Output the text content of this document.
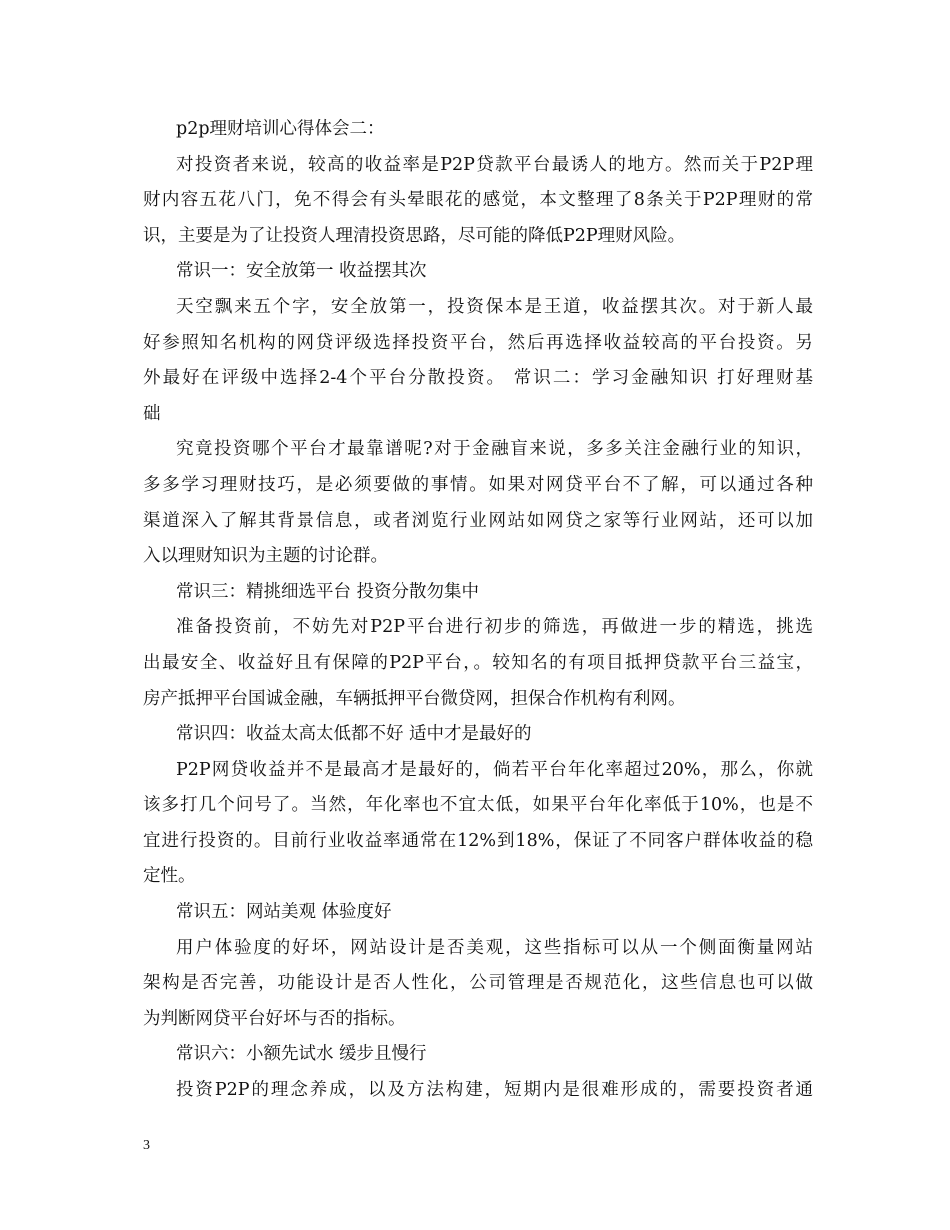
p2p理财培训心得体会二：
对投资者来说，较高的收益率是P2P贷款平台最诱人的地方。然而关于P2P理
财内容五花八门，免不得会有头晕眼花的感觉，本文整理了8条关于P2P理财的常
识，主要是为了让投资人理清投资思路，尽可能的降低P2P理财风险。
常识一：安全放第一 收益摆其次
天空飘来五个字，安全放第一，投资保本是王道，收益摆其次。对于新人最
好参照知名机构的网贷评级选择投资平台，然后再选择收益较高的平台投资。另
外最好在评级中选择2-4个平台分散投资。 常识二：学习金融知识 打好理财基
础
究竟投资哪个平台才最靠谱呢?对于金融盲来说，多多关注金融行业的知识，
多多学习理财技巧，是必须要做的事情。如果对网贷平台不了解，可以通过各种
渠道深入了解其背景信息，或者浏览行业网站如网贷之家等行业网站，还可以加
入以理财知识为主题的讨论群。
常识三：精挑细选平台 投资分散勿集中
准备投资前，不妨先对P2P平台进行初步的筛选，再做进一步的精选，挑选
出最安全、收益好且有保障的P2P平台，。较知名的有项目抵押贷款平台三益宝，
房产抵押平台国诚金融，车辆抵押平台微贷网，担保合作机构有利网。
常识四：收益太高太低都不好 适中才是最好的
P2P网贷收益并不是最高才是最好的，倘若平台年化率超过20%，那么，你就
该多打几个问号了。当然，年化率也不宜太低，如果平台年化率低于10%，也是不
宜进行投资的。目前行业收益率通常在12%到18%，保证了不同客户群体收益的稳
定性。
常识五：网站美观 体验度好
用户体验度的好坏，网站设计是否美观，这些指标可以从一个侧面衡量网站
架构是否完善，功能设计是否人性化，公司管理是否规范化，这些信息也可以做
为判断网贷平台好坏与否的指标。
常识六：小额先试水 缓步且慢行
投资P2P的理念养成，以及方法构建，短期内是很难形成的，需要投资者通
3
